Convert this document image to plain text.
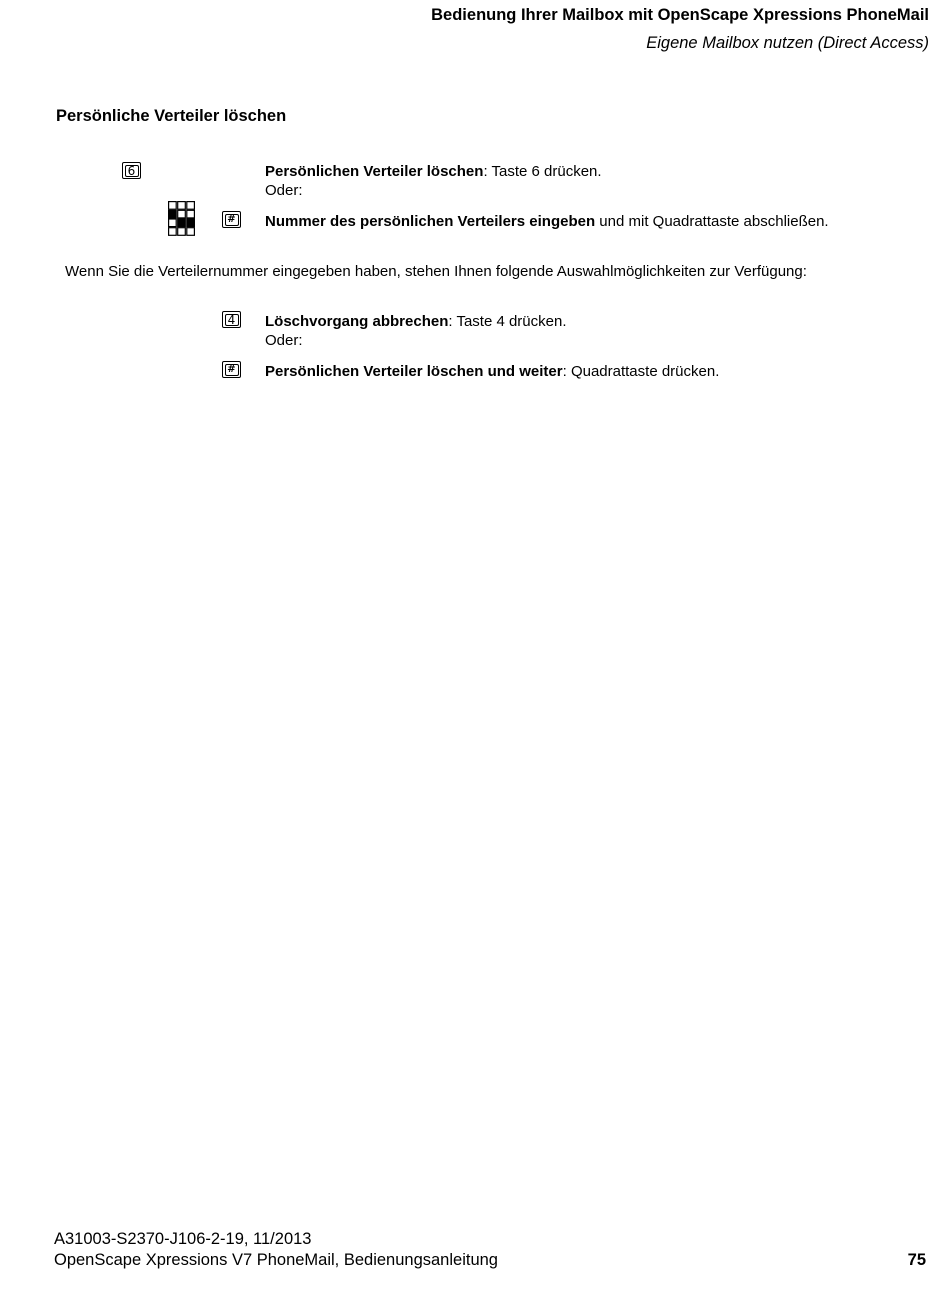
Bedienung Ihrer Mailbox mit OpenScape Xpressions PhoneMail
Eigene Mailbox nutzen (Direct Access)
Persönliche Verteiler löschen
6	Persönlichen Verteiler löschen: Taste 6 drücken.
Oder:
# Nummer des persönlichen Verteilers eingeben und mit Quadrattaste abschließen.
Wenn Sie die Verteilernummer eingegeben haben, stehen Ihnen folgende Auswahlmöglichkeiten zur Verfügung:
4	Löschvorgang abbrechen: Taste 4 drücken.
Oder:
# Persönlichen Verteiler löschen und weiter: Quadrattaste drücken.
A31003-S2370-J106-2-19, 11/2013
OpenScape Xpressions V7 PhoneMail, Bedienungsanleitung	75
